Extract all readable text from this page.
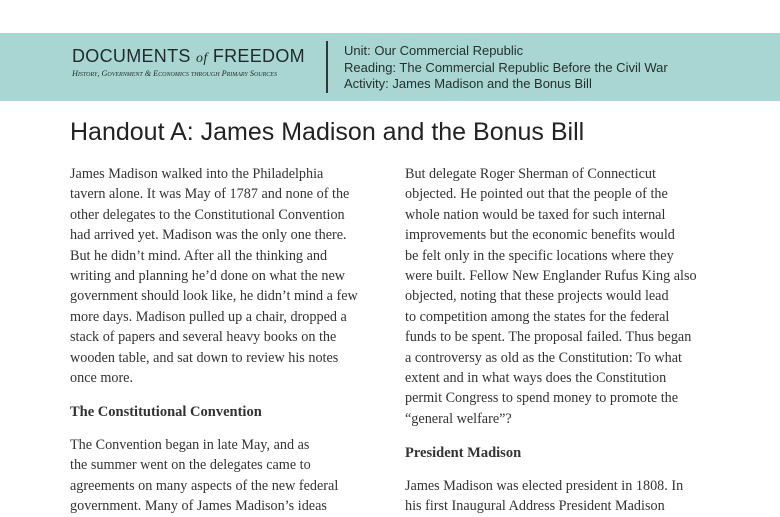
DOCUMENTS of FREEDOM
History, Government & Economics through Primary Sources
Unit: Our Commercial Republic
Reading: The Commercial Republic Before the Civil War
Activity: James Madison and the Bonus Bill
Handout A: James Madison and the Bonus Bill

James Madison walked into the Philadelphia
tavern alone. It was May of 1787 and none of the
other delegates to the Constitutional Convention
had arrived yet. Madison was the only one there.
But he didn’t mind. After all the thinking and
writing and planning he’d done on what the new
government should look like, he didn’t mind a few
more days. Madison pulled up a chair, dropped a
stack of papers and several heavy books on the
wooden table, and sat down to review his notes
once more.

The Constitutional Convention

The Convention began in late May, and as
the summer went on the delegates came to
agreements on many aspects of the new federal
government. Many of James Madison’s ideas

But delegate Roger Sherman of Connecticut
objected. He pointed out that the people of the
whole nation would be taxed for such internal
improvements but the economic benefits would
be felt only in the specific locations where they
were built. Fellow New Englander Rufus King also
objected, noting that these projects would lead
to competition among the states for the federal
funds to be spent. The proposal failed. Thus began
a controversy as old as the Constitution: To what
extent and in what ways does the Constitution
permit Congress to spend money to promote the
“general welfare”?

President Madison

James Madison was elected president in 1808. In
his first Inaugural Address President Madison
